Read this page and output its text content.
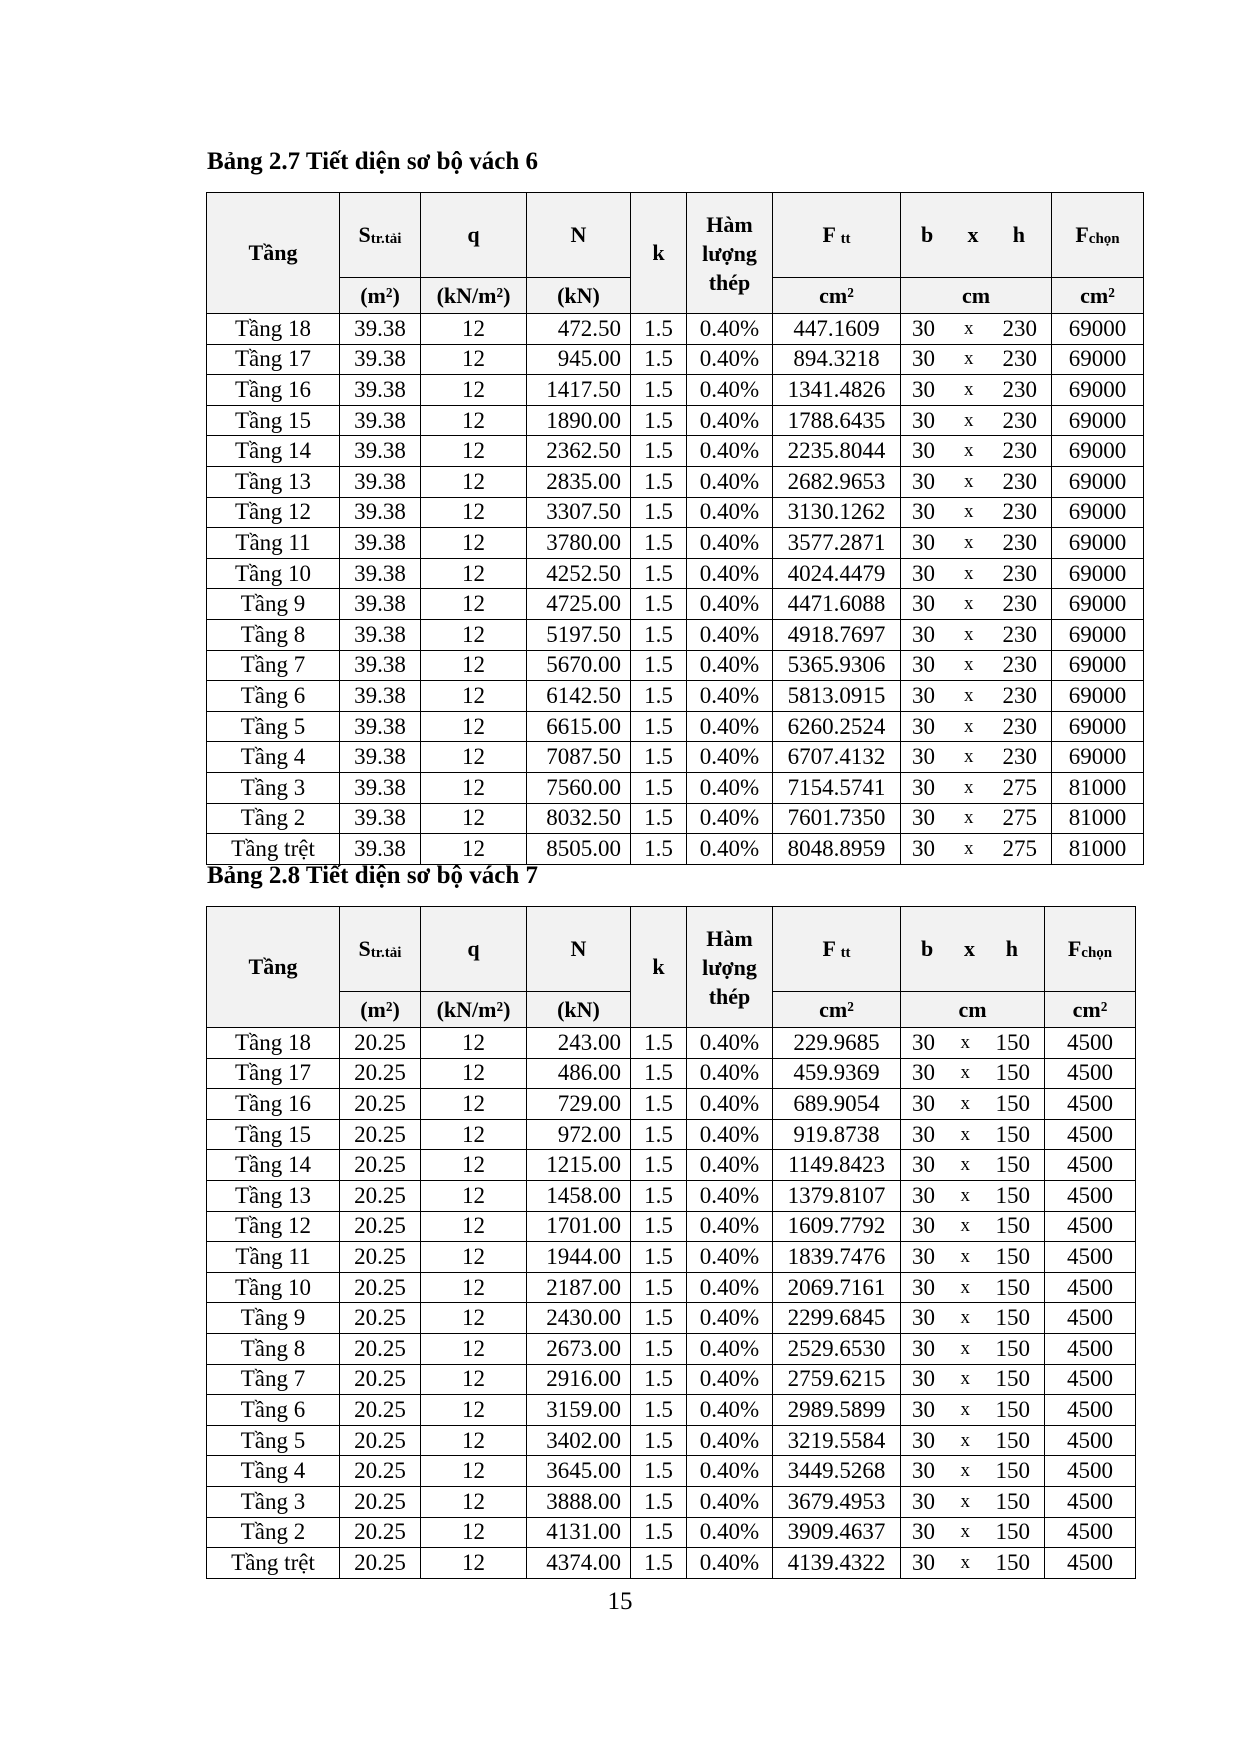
Bảng 2.7 Tiết diện sơ bộ vách 6

Tầng	$S_{tr.tải}$	q	N	k	Hàm lượng thép	F $_{tt}$	b x h	$F_{chọn}$
	(m²)	(kN/m²)	(kN)			cm²	cm	cm²
Tầng 18	39.38	12	472.50	1.5	0.40%	447.1609	30 x 230	69000
Tầng 17	39.38	12	945.00	1.5	0.40%	894.3218	30 x 230	69000
Tầng 16	39.38	12	1417.50	1.5	0.40%	1341.4826	30 x 230	69000
Tầng 15	39.38	12	1890.00	1.5	0.40%	1788.6435	30 x 230	69000
Tầng 14	39.38	12	2362.50	1.5	0.40%	2235.8044	30 x 230	69000
Tầng 13	39.38	12	2835.00	1.5	0.40%	2682.9653	30 x 230	69000
Tầng 12	39.38	12	3307.50	1.5	0.40%	3130.1262	30 x 230	69000
Tầng 11	39.38	12	3780.00	1.5	0.40%	3577.2871	30 x 230	69000
Tầng 10	39.38	12	4252.50	1.5	0.40%	4024.4479	30 x 230	69000
Tầng 9	39.38	12	4725.00	1.5	0.40%	4471.6088	30 x 230	69000
Tầng 8	39.38	12	5197.50	1.5	0.40%	4918.7697	30 x 230	69000
Tầng 7	39.38	12	5670.00	1.5	0.40%	5365.9306	30 x 230	69000
Tầng 6	39.38	12	6142.50	1.5	0.40%	5813.0915	30 x 230	69000
Tầng 5	39.38	12	6615.00	1.5	0.40%	6260.2524	30 x 230	69000
Tầng 4	39.38	12	7087.50	1.5	0.40%	6707.4132	30 x 230	69000
Tầng 3	39.38	12	7560.00	1.5	0.40%	7154.5741	30 x 275	81000
Tầng 2	39.38	12	8032.50	1.5	0.40%	7601.7350	30 x 275	81000
Tầng trệt	39.38	12	8505.00	1.5	0.40%	8048.8959	30 x 275	81000

Bảng 2.8 Tiết diện sơ bộ vách 7

Tầng	$S_{tr.tải}$	q	N	k	Hàm lượng thép	F $_{tt}$	b x h	$F_{chọn}$
	(m²)	(kN/m²)	(kN)			cm²	cm	cm²
Tầng 18	20.25	12	243.00	1.5	0.40%	229.9685	30 x 150	4500
Tầng 17	20.25	12	486.00	1.5	0.40%	459.9369	30 x 150	4500
Tầng 16	20.25	12	729.00	1.5	0.40%	689.9054	30 x 150	4500
Tầng 15	20.25	12	972.00	1.5	0.40%	919.8738	30 x 150	4500
Tầng 14	20.25	12	1215.00	1.5	0.40%	1149.8423	30 x 150	4500
Tầng 13	20.25	12	1458.00	1.5	0.40%	1379.8107	30 x 150	4500
Tầng 12	20.25	12	1701.00	1.5	0.40%	1609.7792	30 x 150	4500
Tầng 11	20.25	12	1944.00	1.5	0.40%	1839.7476	30 x 150	4500
Tầng 10	20.25	12	2187.00	1.5	0.40%	2069.7161	30 x 150	4500
Tầng 9	20.25	12	2430.00	1.5	0.40%	2299.6845	30 x 150	4500
Tầng 8	20.25	12	2673.00	1.5	0.40%	2529.6530	30 x 150	4500
Tầng 7	20.25	12	2916.00	1.5	0.40%	2759.6215	30 x 150	4500
Tầng 6	20.25	12	3159.00	1.5	0.40%	2989.5899	30 x 150	4500
Tầng 5	20.25	12	3402.00	1.5	0.40%	3219.5584	30 x 150	4500
Tầng 4	20.25	12	3645.00	1.5	0.40%	3449.5268	30 x 150	4500
Tầng 3	20.25	12	3888.00	1.5	0.40%	3679.4953	30 x 150	4500
Tầng 2	20.25	12	4131.00	1.5	0.40%	3909.4637	30 x 150	4500
Tầng trệt	20.25	12	4374.00	1.5	0.40%	4139.4322	30 x 150	4500
15
